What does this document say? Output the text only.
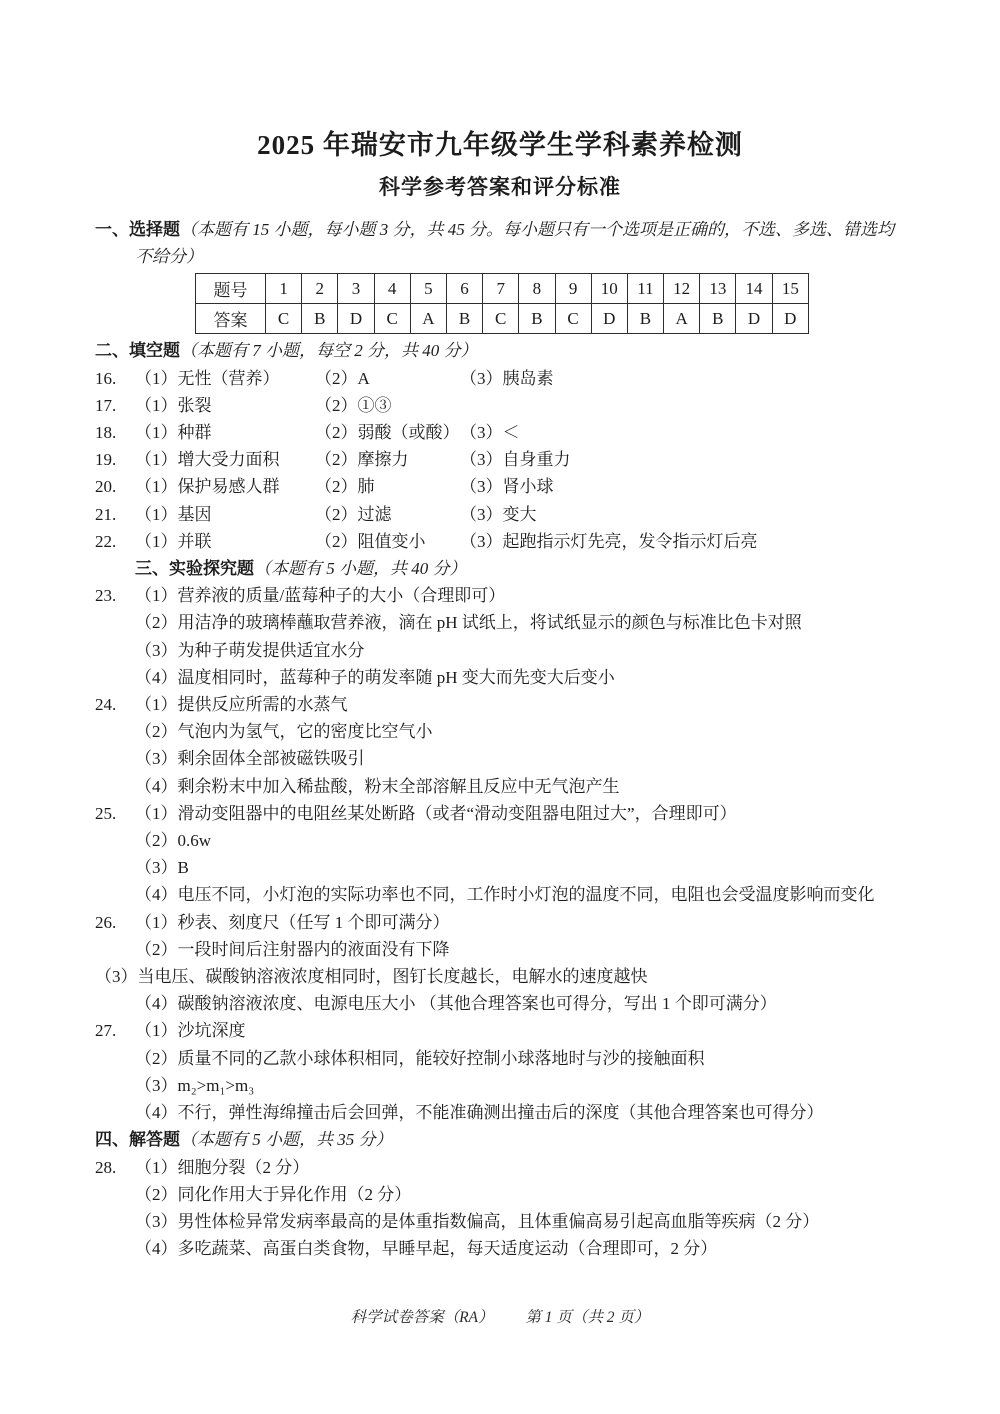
2025 年瑞安市九年级学生学科素养检测
科学参考答案和评分标准
一、选择题（本题有 15 小题，每小题 3 分，共 45 分。每小题只有一个选项是正确的，不选、多选、错选均不给分）
题号	1	2	3	4	5	6	7	8	9	10	11	12	13	14	15
答案	C	B	D	C	A	B	C	B	C	D	B	A	B	D	D
二、填空题（本题有 7 小题，每空 2 分，共 40 分）
16.	（1）无性（营养）	（2）A	（3）胰岛素
17.	（1）张裂	（2）①③
18.	（1）种群	（2）弱酸（或酸） （3）＜
19.	（1）增大受力面积	（2）摩擦力	（3）自身重力
20.	（1）保护易感人群	（2）肺	（3）肾小球
21.	（1）基因	（2）过滤	（3）变大
22.	（1）并联	（2）阻值变小	（3）起跑指示灯先亮，发令指示灯后亮
三、实验探究题（本题有 5 小题，共 40 分）
23.	（1）营养液的质量/蓝莓种子的大小（合理即可）
（2）用洁净的玻璃棒蘸取营养液，滴在 pH 试纸上，将试纸显示的颜色与标准比色卡对照
（3）为种子萌发提供适宜水分
（4）温度相同时，蓝莓种子的萌发率随 pH 变大而先变大后变小
24.	（1）提供反应所需的水蒸气
（2）气泡内为氢气，它的密度比空气小
（3）剩余固体全部被磁铁吸引
（4）剩余粉末中加入稀盐酸，粉末全部溶解且反应中无气泡产生
25.	（1）滑动变阻器中的电阻丝某处断路（或者“滑动变阻器电阻过大”，合理即可）
（2）0.6w
（3）B
（4）电压不同，小灯泡的实际功率也不同，工作时小灯泡的温度不同，电阻也会受温度影响而变化
26.	（1）秒表、刻度尺（任写 1 个即可满分）
（2）一段时间后注射器内的液面没有下降
（3）当电压、碳酸钠溶液浓度相同时，图钉长度越长，电解水的速度越快
（4）碳酸钠溶液浓度、电源电压大小 （其他合理答案也可得分，写出 1 个即可满分）
27.	（1）沙坑深度
（2）质量不同的乙款小球体积相同，能较好控制小球落地时与沙的接触面积
（3）m₂>m₁>m₃
（4）不行，弹性海绵撞击后会回弹，不能准确测出撞击后的深度（其他合理答案也可得分）
四、解答题（本题有 5 小题，共 35 分）
28.	（1）细胞分裂（2 分）
（2）同化作用大于异化作用（2 分）
（3）男性体检异常发病率最高的是体重指数偏高，且体重偏高易引起高血脂等疾病（2 分）
（4）多吃蔬菜、高蛋白类食物，早睡早起，每天适度运动（合理即可，2 分）
科学试卷答案（RA） 第 1 页（共 2 页）
